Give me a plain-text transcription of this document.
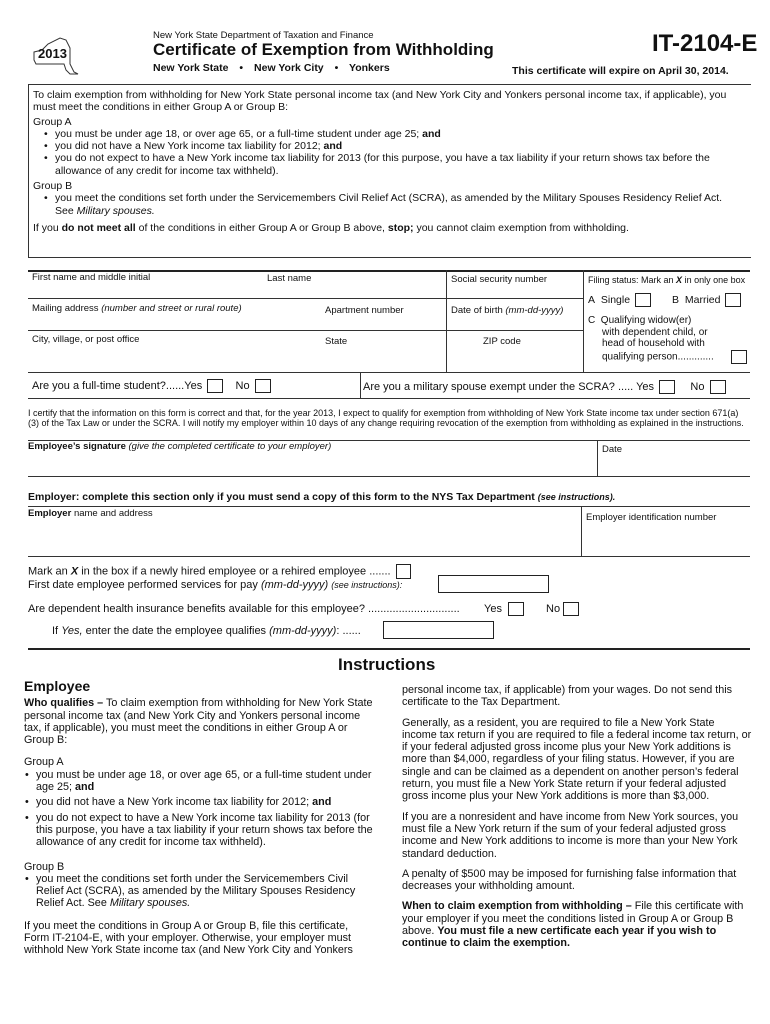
2013
New York State Department of Taxation and Finance
Certificate of Exemption from Withholding
New York State • New York City • Yonkers
IT-2104-E
This certificate will expire on April 30, 2014.
To claim exemption from withholding for New York State personal income tax (and New York City and Yonkers personal income tax, if applicable), you must meet the conditions in either Group A or Group B:
Group A
• you must be under age 18, or over age 65, or a full-time student under age 25; and
• you did not have a New York income tax liability for 2012; and
• you do not expect to have a New York income tax liability for 2013 (for this purpose, you have a tax liability if your return shows tax before the allowance of any credit for income tax withheld).
Group B
• you meet the conditions set forth under the Servicemembers Civil Relief Act (SCRA), as amended by the Military Spouses Residency Relief Act. See Military spouses.
If you do not meet all of the conditions in either Group A or Group B above, stop; you cannot claim exemption from withholding.
First name and middle initial	Last name	Social security number
Mailing address (number and street or rural route)	Apartment number	Date of birth (mm-dd-yyyy)
City, village, or post office	State	ZIP code
Filing status: Mark an X in only one box
A Single	B Married
C Qualifying widow(er)
with dependent child, or
head of household with
qualifying person.............
Are you a full-time student?......Yes	No	Are you a military spouse exempt under the SCRA? ..... Yes	No
I certify that the information on this form is correct and that, for the year 2013, I expect to qualify for exemption from withholding of New York State income tax under section 671(a)(3) of the Tax Law or under the SCRA. I will notify my employer within 10 days of any change requiring revocation of the exemption from withholding as explained in the instructions.
Employee’s signature (give the completed certificate to your employer)	Date
Employer: complete this section only if you must send a copy of this form to the NYS Tax Department (see instructions).
Employer name and address	Employer identification number
Mark an X in the box if a newly hired employee or a rehired employee .......
First date employee performed services for pay (mm-dd-yyyy) (see instructions):
Are dependent health insurance benefits available for this employee? .............................. Yes	No
If Yes, enter the date the employee qualifies (mm-dd-yyyy): ......
Instructions
Employee

Who qualifies – To claim exemption from withholding for New York State personal income tax (and New York City and Yonkers personal income tax, if applicable), you must meet the conditions in either Group A or Group B:

Group A

• you must be under age 18, or over age 65, or a full-time student under age 25; and
• you did not have a New York income tax liability for 2012; and
• you do not expect to have a New York income tax liability for 2013 (for this purpose, you have a tax liability if your return shows tax before the allowance of any credit for income tax withheld).

Group B

• you meet the conditions set forth under the Servicemembers Civil Relief Act (SCRA), as amended by the Military Spouses Residency Relief Act. See Military spouses.

If you meet the conditions in Group A or Group B, file this certificate, Form IT-2104-E, with your employer. Otherwise, your employer must withhold New York State income tax (and New York City and Yonkers

personal income tax, if applicable) from your wages. Do not send this certificate to the Tax Department.

Generally, as a resident, you are required to file a New York State income tax return if you are required to file a federal income tax return, or if your federal adjusted gross income plus your New York additions is more than $4,000, regardless of your filing status. However, if you are single and can be claimed as a dependent on another person’s federal return, you must file a New York State return if your federal adjusted gross income plus your New York additions is more than $3,000.

If you are a nonresident and have income from New York sources, you must file a New York return if the sum of your federal adjusted gross income and New York additions to income is more than your New York standard deduction.

A penalty of $500 may be imposed for furnishing false information that decreases your withholding amount.

When to claim exemption from withholding – File this certificate with your employer if you meet the conditions listed in Group A or Group B above. You must file a new certificate each year if you wish to continue to claim the exemption.
